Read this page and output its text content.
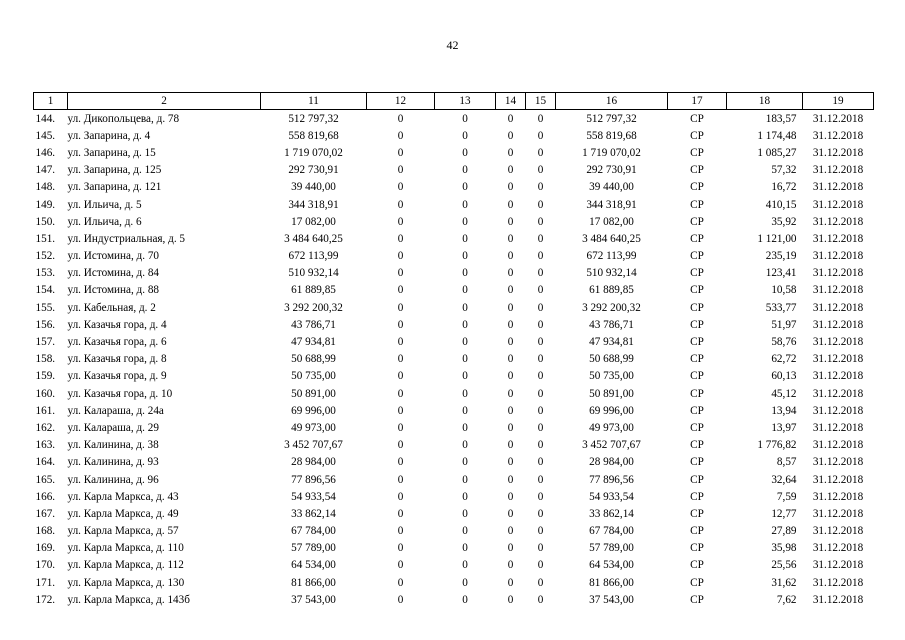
42
1	2	11	12	13	14	15	16	17	18	19
144.	ул. Дикопольцева, д. 78	512 797,32	0	0	0	0	512 797,32	СР	183,57	31.12.2018
145.	ул. Запарина, д. 4	558 819,68	0	0	0	0	558 819,68	СР	1 174,48	31.12.2018
146.	ул. Запарина, д. 15	1 719 070,02	0	0	0	0	1 719 070,02	СР	1 085,27	31.12.2018
147.	ул. Запарина, д. 125	292 730,91	0	0	0	0	292 730,91	СР	57,32	31.12.2018
148.	ул. Запарина, д. 121	39 440,00	0	0	0	0	39 440,00	СР	16,72	31.12.2018
149.	ул. Ильича, д. 5	344 318,91	0	0	0	0	344 318,91	СР	410,15	31.12.2018
150.	ул. Ильича, д. 6	17 082,00	0	0	0	0	17 082,00	СР	35,92	31.12.2018
151.	ул. Индустриальная, д. 5	3 484 640,25	0	0	0	0	3 484 640,25	СР	1 121,00	31.12.2018
152.	ул. Истомина, д. 70	672 113,99	0	0	0	0	672 113,99	СР	235,19	31.12.2018
153.	ул. Истомина, д. 84	510 932,14	0	0	0	0	510 932,14	СР	123,41	31.12.2018
154.	ул. Истомина, д. 88	61 889,85	0	0	0	0	61 889,85	СР	10,58	31.12.2018
155.	ул. Кабельная, д. 2	3 292 200,32	0	0	0	0	3 292 200,32	СР	533,77	31.12.2018
156.	ул. Казачья гора, д. 4	43 786,71	0	0	0	0	43 786,71	СР	51,97	31.12.2018
157.	ул. Казачья гора, д. 6	47 934,81	0	0	0	0	47 934,81	СР	58,76	31.12.2018
158.	ул. Казачья гора, д. 8	50 688,99	0	0	0	0	50 688,99	СР	62,72	31.12.2018
159.	ул. Казачья гора, д. 9	50 735,00	0	0	0	0	50 735,00	СР	60,13	31.12.2018
160.	ул. Казачья гора, д. 10	50 891,00	0	0	0	0	50 891,00	СР	45,12	31.12.2018
161.	ул. Калараша, д. 24а	69 996,00	0	0	0	0	69 996,00	СР	13,94	31.12.2018
162.	ул. Калараша, д. 29	49 973,00	0	0	0	0	49 973,00	СР	13,97	31.12.2018
163.	ул. Калинина, д. 38	3 452 707,67	0	0	0	0	3 452 707,67	СР	1 776,82	31.12.2018
164.	ул. Калинина, д. 93	28 984,00	0	0	0	0	28 984,00	СР	8,57	31.12.2018
165.	ул. Калинина, д. 96	77 896,56	0	0	0	0	77 896,56	СР	32,64	31.12.2018
166.	ул. Карла Маркса, д. 43	54 933,54	0	0	0	0	54 933,54	СР	7,59	31.12.2018
167.	ул. Карла Маркса, д. 49	33 862,14	0	0	0	0	33 862,14	СР	12,77	31.12.2018
168.	ул. Карла Маркса, д. 57	67 784,00	0	0	0	0	67 784,00	СР	27,89	31.12.2018
169.	ул. Карла Маркса, д. 110	57 789,00	0	0	0	0	57 789,00	СР	35,98	31.12.2018
170.	ул. Карла Маркса, д. 112	64 534,00	0	0	0	0	64 534,00	СР	25,56	31.12.2018
171.	ул. Карла Маркса, д. 130	81 866,00	0	0	0	0	81 866,00	СР	31,62	31.12.2018
172.	ул. Карла Маркса, д. 143б	37 543,00	0	0	0	0	37 543,00	СР	7,62	31.12.2018
